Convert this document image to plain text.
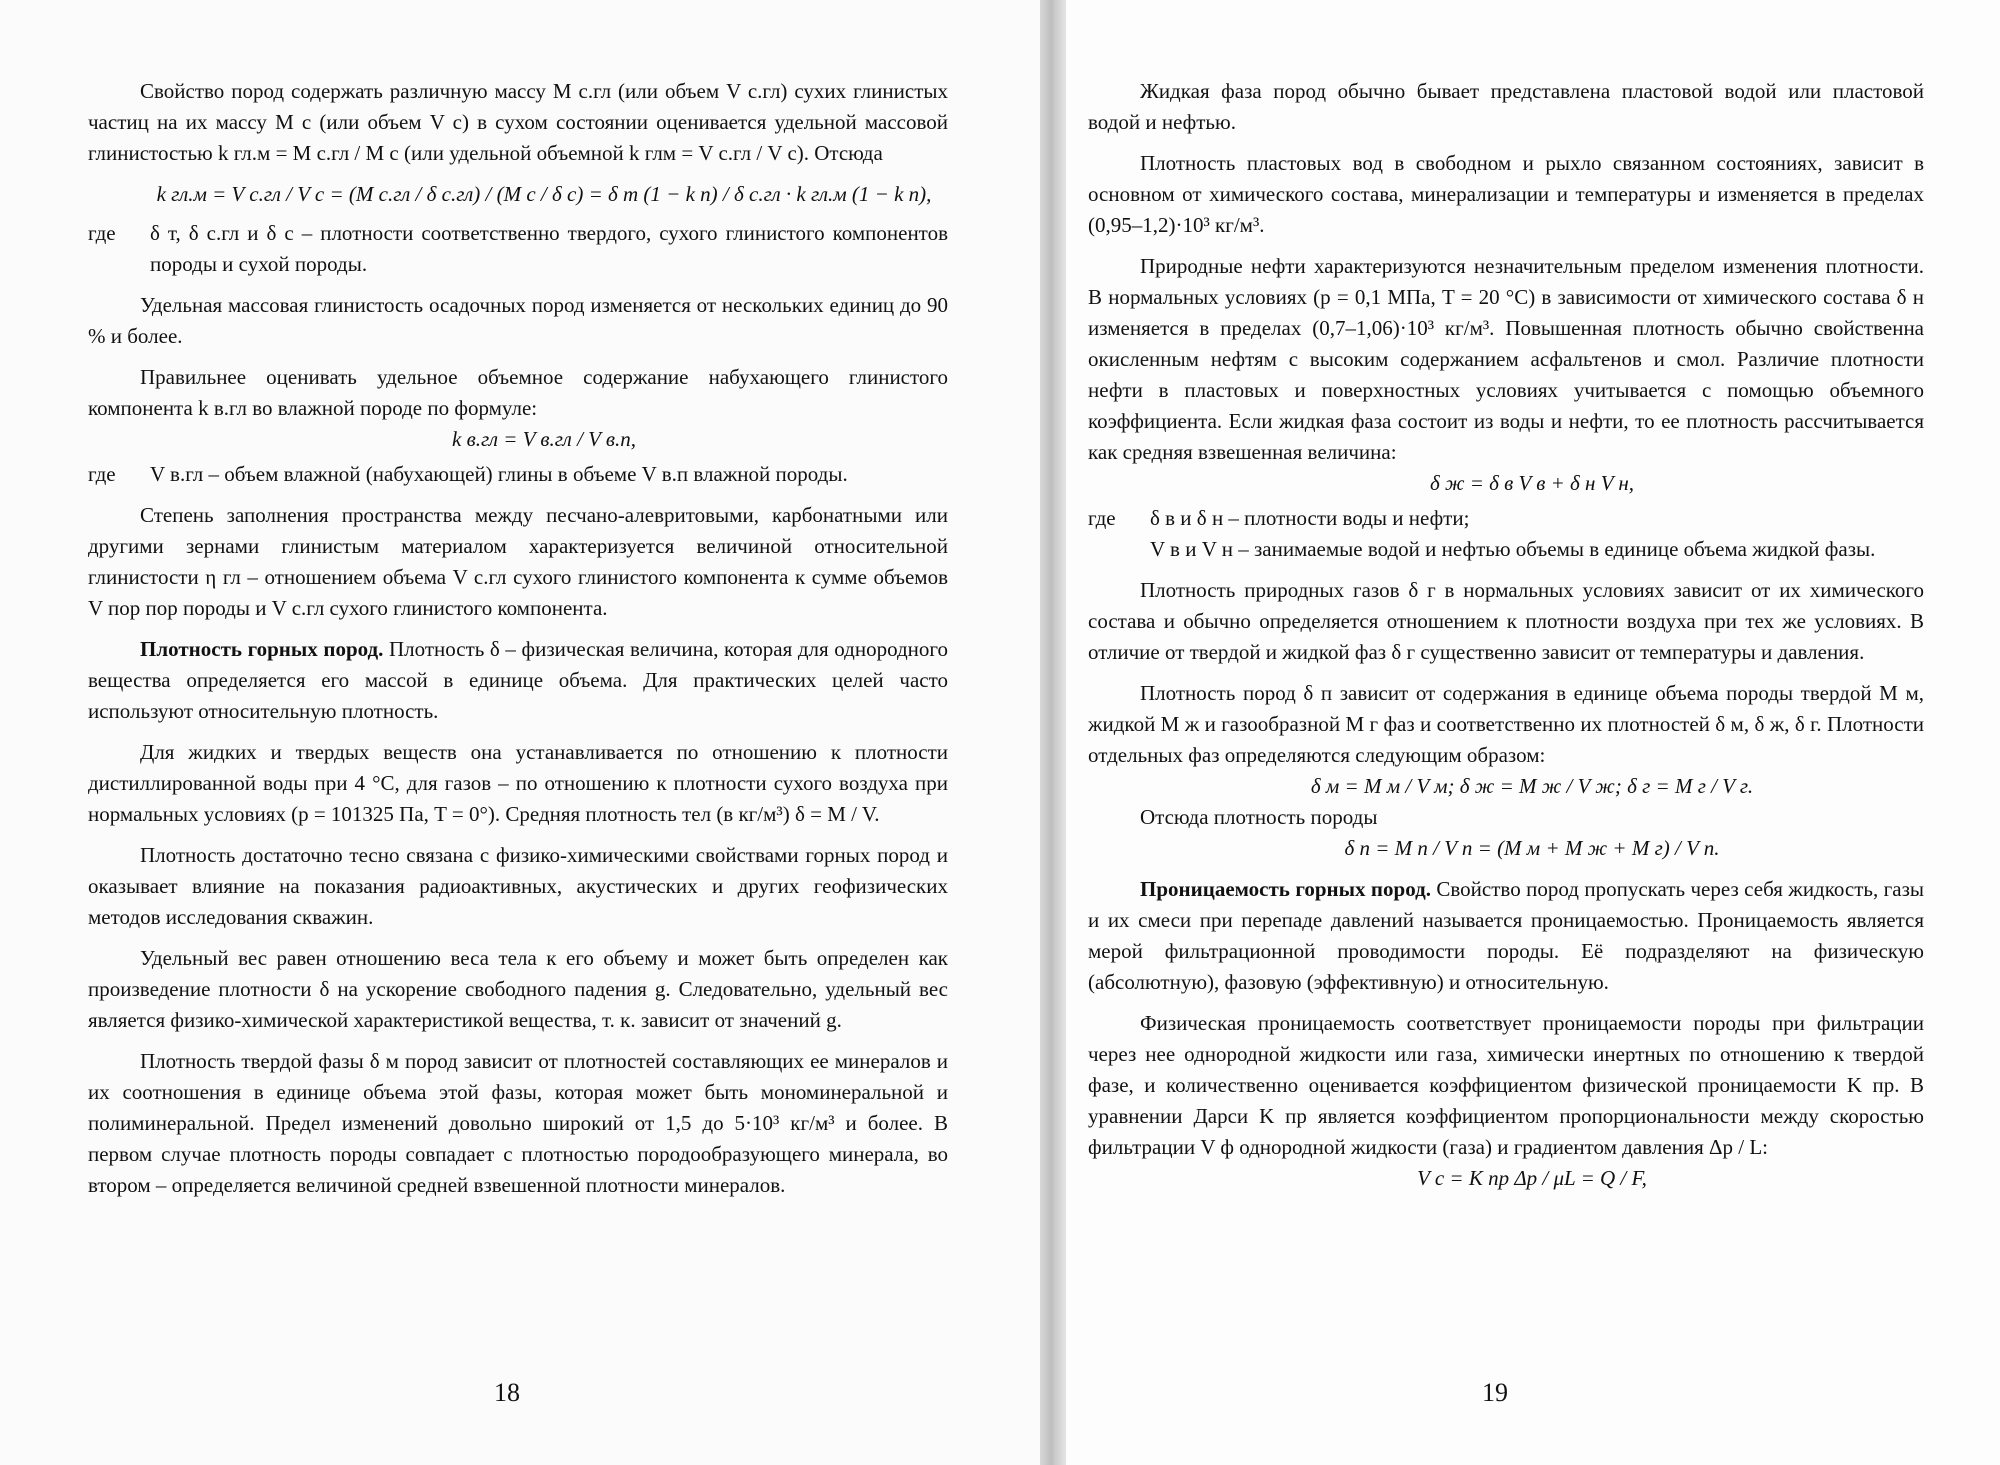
Свойство пород содержать различную массу M с.гл (или объем V с.гл) сухих глинистых частиц на их массу M с (или объем V с) в сухом состоянии оценивается удельной массовой глинистостью k гл.м = M с.гл / M с (или удельной объемной k глм = V с.гл / V с). Отсюда

k гл.м = V с.гл / V с = (M с.гл / δ с.гл) / (M с / δ с) = δ т (1 − k п) / δ с.гл · k гл.м (1 − k п),

где	δ т, δ с.гл и δ с – плотности соответственно твердого, сухого глинистого компонентов породы и сухой породы.

Удельная массовая глинистость осадочных пород изменяется от нескольких единиц до 90 % и более.

Правильнее оценивать удельное объемное содержание набухающего глинистого компонента k в.гл во влажной породе по формуле:

k в.гл = V в.гл / V в.п,

где	V в.гл – объем влажной (набухающей) глины в объеме V в.п влажной породы.

Степень заполнения пространства между песчано-алевритовыми, карбонатными или другими зернами глинистым материалом характеризуется величиной относительной глинистости η гл – отношением объема V с.гл сухого глинистого компонента к сумме объемов V пор пор породы и V с.гл сухого глинистого компонента.

Плотность горных пород. Плотность δ – физическая величина, которая для однородного вещества определяется его массой в единице объема. Для практических целей часто используют относительную плотность.

Для жидких и твердых веществ она устанавливается по отношению к плотности дистиллированной воды при 4 °С, для газов – по отношению к плотности сухого воздуха при нормальных условиях (p = 101325 Па, T = 0°). Средняя плотность тел (в кг/м³) δ = M / V.

Плотность достаточно тесно связана с физико-химическими свойствами горных пород и оказывает влияние на показания радиоактивных, акустических и других геофизических методов исследования скважин.

Удельный вес равен отношению веса тела к его объему и может быть определен как произведение плотности δ на ускорение свободного падения g. Следовательно, удельный вес является физико-химической характеристикой вещества, т. к. зависит от значений g.

Плотность твердой фазы δ м пород зависит от плотностей составляющих ее минералов и их соотношения в единице объема этой фазы, которая может быть мономинеральной и полиминеральной. Предел изменений довольно широкий от 1,5 до 5·10³ кг/м³ и более. В первом случае плотность породы совпадает с плотностью породообразующего минерала, во втором – определяется величиной средней взвешенной плотности минералов.

18

Жидкая фаза пород обычно бывает представлена пластовой водой или пластовой водой и нефтью.

Плотность пластовых вод в свободном и рыхло связанном состояниях, зависит в основном от химического состава, минерализации и температуры и изменяется в пределах (0,95–1,2)·10³ кг/м³.

Природные нефти характеризуются незначительным пределом изменения плотности. В нормальных условиях (p = 0,1 МПа, T = 20 °С) в зависимости от химического состава δ н изменяется в пределах (0,7–1,06)·10³ кг/м³. Повышенная плотность обычно свойственна окисленным нефтям с высоким содержанием асфальтенов и смол. Различие плотности нефти в пластовых и поверхностных условиях учитывается с помощью объемного коэффициента. Если жидкая фаза состоит из воды и нефти, то ее плотность рассчитывается как средняя взвешенная величина:

δ ж = δ в V в + δ н V н,

где	δ в и δ н – плотности воды и нефти;
V в и V н – занимаемые водой и нефтью объемы в единице объема жидкой фазы.

Плотность природных газов δ г в нормальных условиях зависит от их химического состава и обычно определяется отношением к плотности воздуха при тех же условиях. В отличие от твердой и жидкой фаз δ г существенно зависит от температуры и давления.

Плотность пород δ п зависит от содержания в единице объема породы твердой M м, жидкой M ж и газообразной M г фаз и соответственно их плотностей δ м, δ ж, δ г. Плотности отдельных фаз определяются следующим образом:

δ м = M м / V м; δ ж = M ж / V ж; δ г = M г / V г.

Отсюда плотность породы

δ п = M п / V п = (M м + M ж + M г) / V п.

Проницаемость горных пород. Свойство пород пропускать через себя жидкость, газы и их смеси при перепаде давлений называется проницаемостью. Проницаемость является мерой фильтрационной проводимости породы. Её подразделяют на физическую (абсолютную), фазовую (эффективную) и относительную.

Физическая проницаемость соответствует проницаемости породы при фильтрации через нее однородной жидкости или газа, химически инертных по отношению к твердой фазе, и количественно оценивается коэффициентом физической проницаемости K пр. В уравнении Дарси K пр является коэффициентом пропорциональности между скоростью фильтрации V ф однородной жидкости (газа) и градиентом давления Δp / L:

V с = K пр Δp / μL = Q / F,

19
